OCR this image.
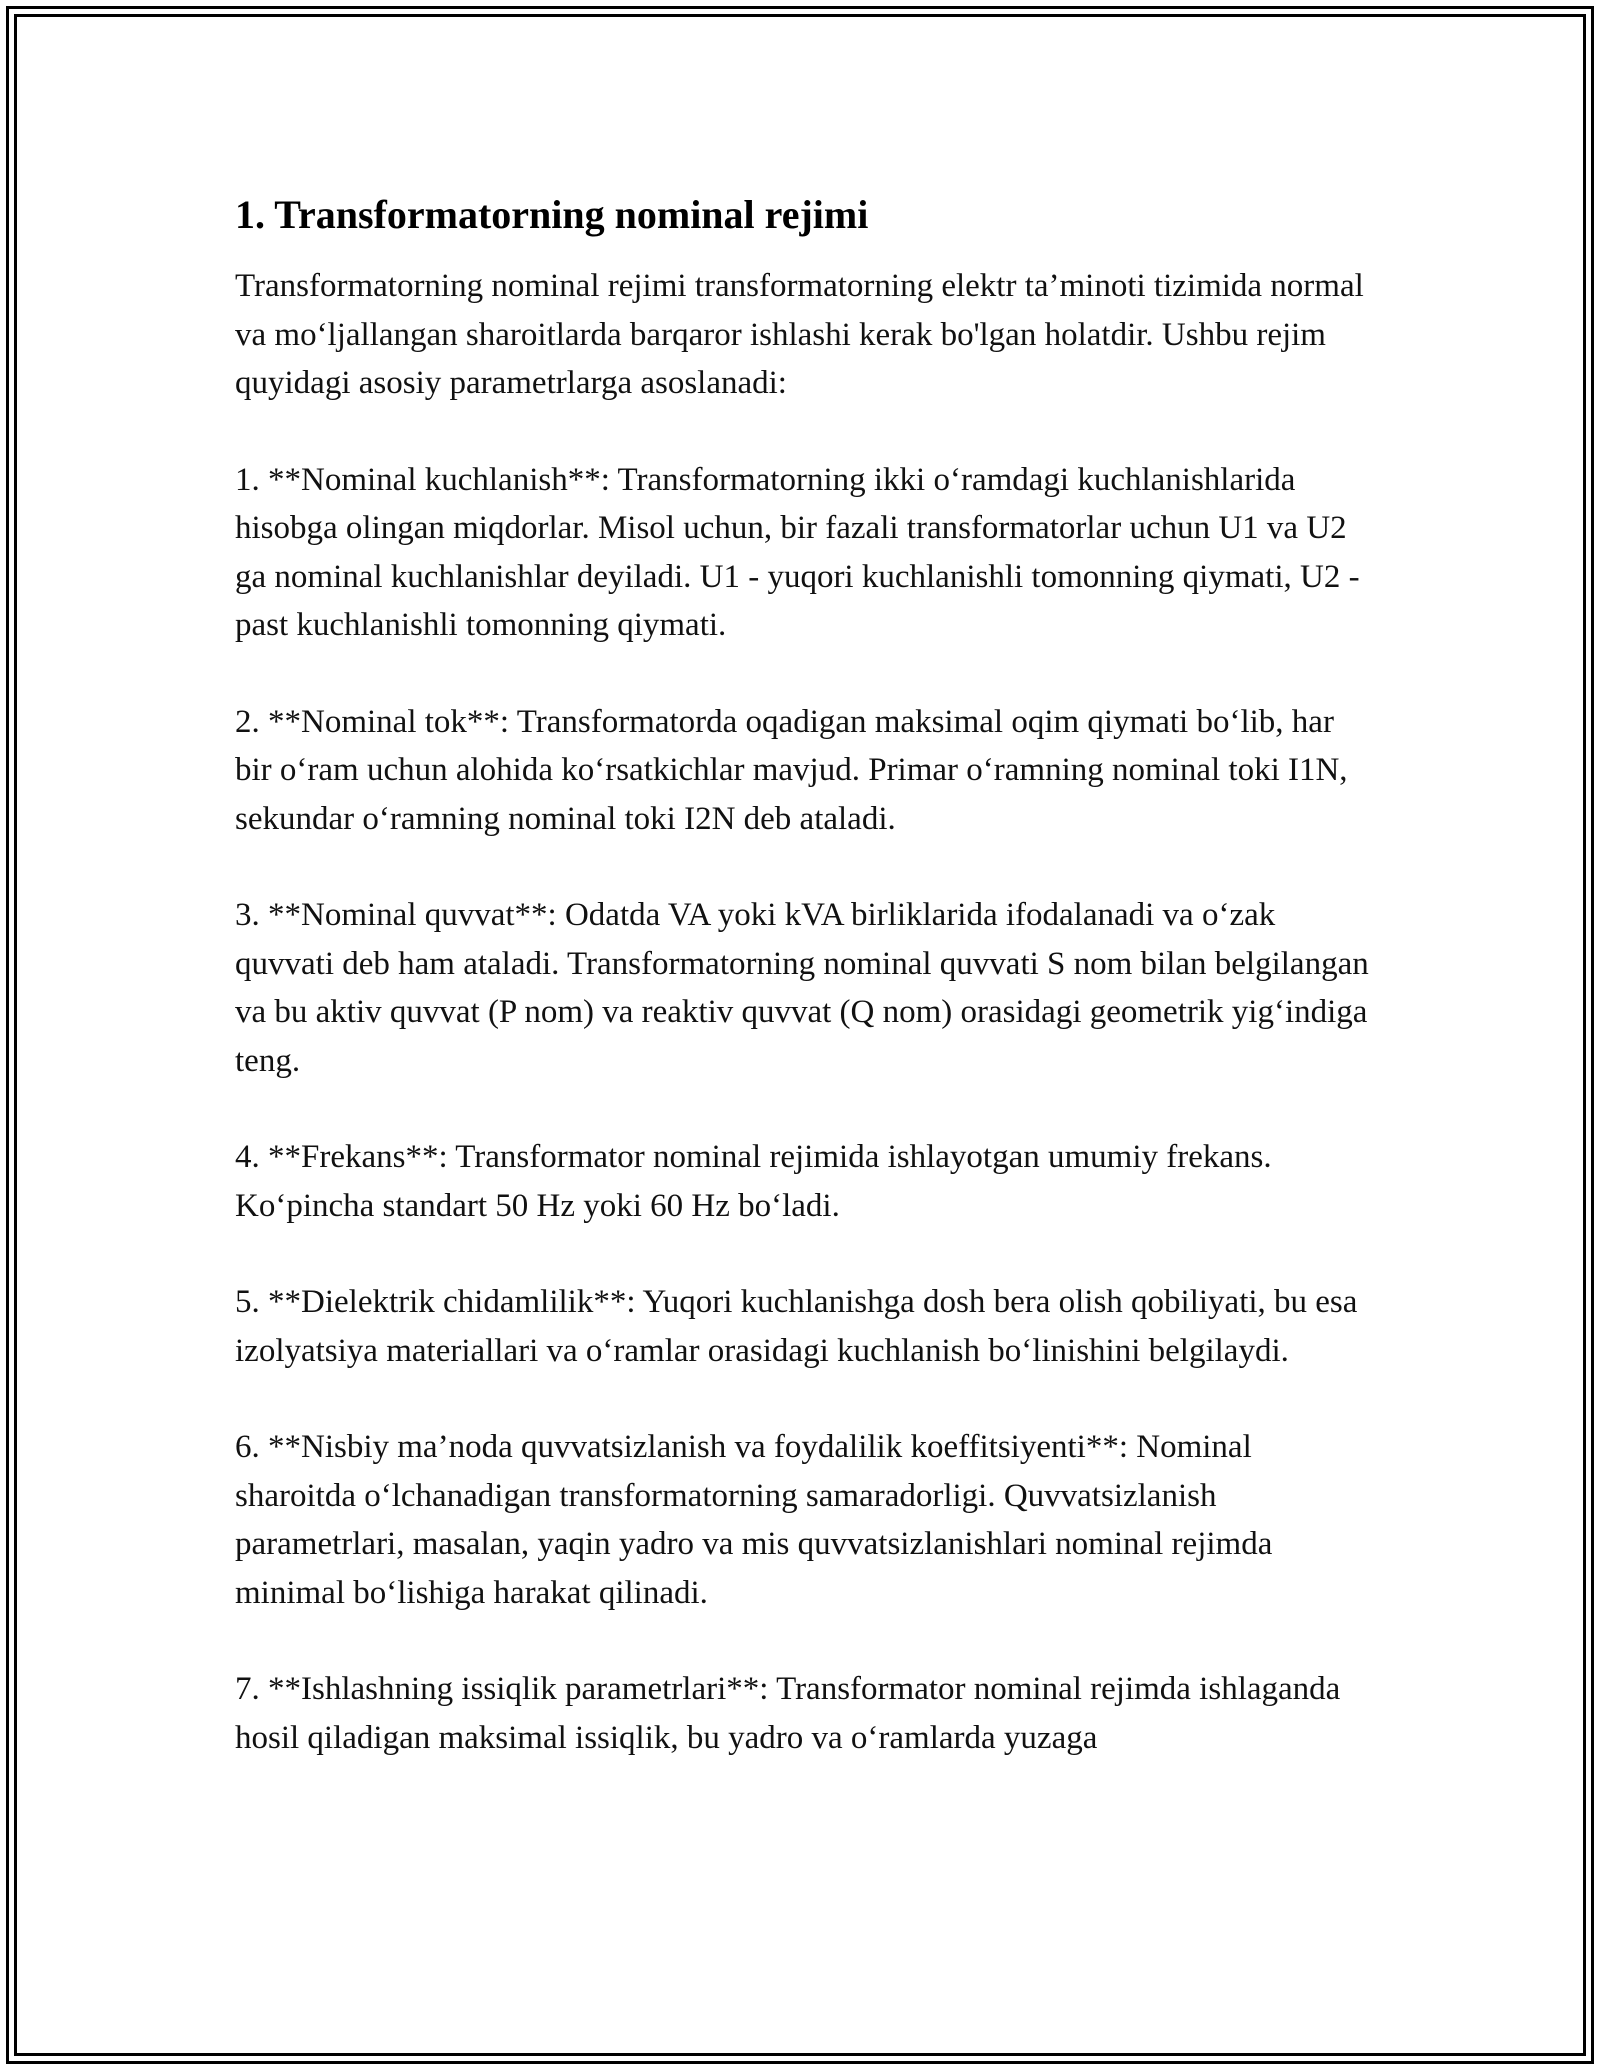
1. Transformatorning nominal rejimi

Transformatorning nominal rejimi transformatorning elektr ta’minoti tizimida normal va mo‘ljallangan sharoitlarda barqaror ishlashi kerak bo'lgan holatdir. Ushbu rejim quyidagi asosiy parametrlarga asoslanadi:

1. **Nominal kuchlanish**: Transformatorning ikki o‘ramdagi kuchlanishlarida hisobga olingan miqdorlar. Misol uchun, bir fazali transformatorlar uchun U1 va U2 ga nominal kuchlanishlar deyiladi. U1 - yuqori kuchlanishli tomonning qiymati, U2 - past kuchlanishli tomonning qiymati.

2. **Nominal tok**: Transformatorda oqadigan maksimal oqim qiymati bo‘lib, har bir o‘ram uchun alohida ko‘rsatkichlar mavjud. Primar o‘ramning nominal toki I1N, sekundar o‘ramning nominal toki I2N deb ataladi.

3. **Nominal quvvat**: Odatda VA yoki kVA birliklarida ifodalanadi va o‘zak quvvati deb ham ataladi. Transformatorning nominal quvvati S nom bilan belgilangan va bu aktiv quvvat (P nom) va reaktiv quvvat (Q nom) orasidagi geometrik yig‘indiga teng.

4. **Frekans**: Transformator nominal rejimida ishlayotgan umumiy frekans. Ko‘pincha standart 50 Hz yoki 60 Hz bo‘ladi.

5. **Dielektrik chidamlilik**: Yuqori kuchlanishga dosh bera olish qobiliyati, bu esa izolyatsiya materiallari va o‘ramlar orasidagi kuchlanish bo‘linishini belgilaydi.

6. **Nisbiy ma’noda quvvatsizlanish va foydalilik koeffitsiyenti**: Nominal sharoitda o‘lchanadigan transformatorning samaradorligi. Quvvatsizlanish parametrlari, masalan, yaqin yadro va mis quvvatsizlanishlari nominal rejimda minimal bo‘lishiga harakat qilinadi.

7. **Ishlashning issiqlik parametrlari**: Transformator nominal rejimda ishlaganda hosil qiladigan maksimal issiqlik, bu yadro va o‘ramlarda yuzaga
